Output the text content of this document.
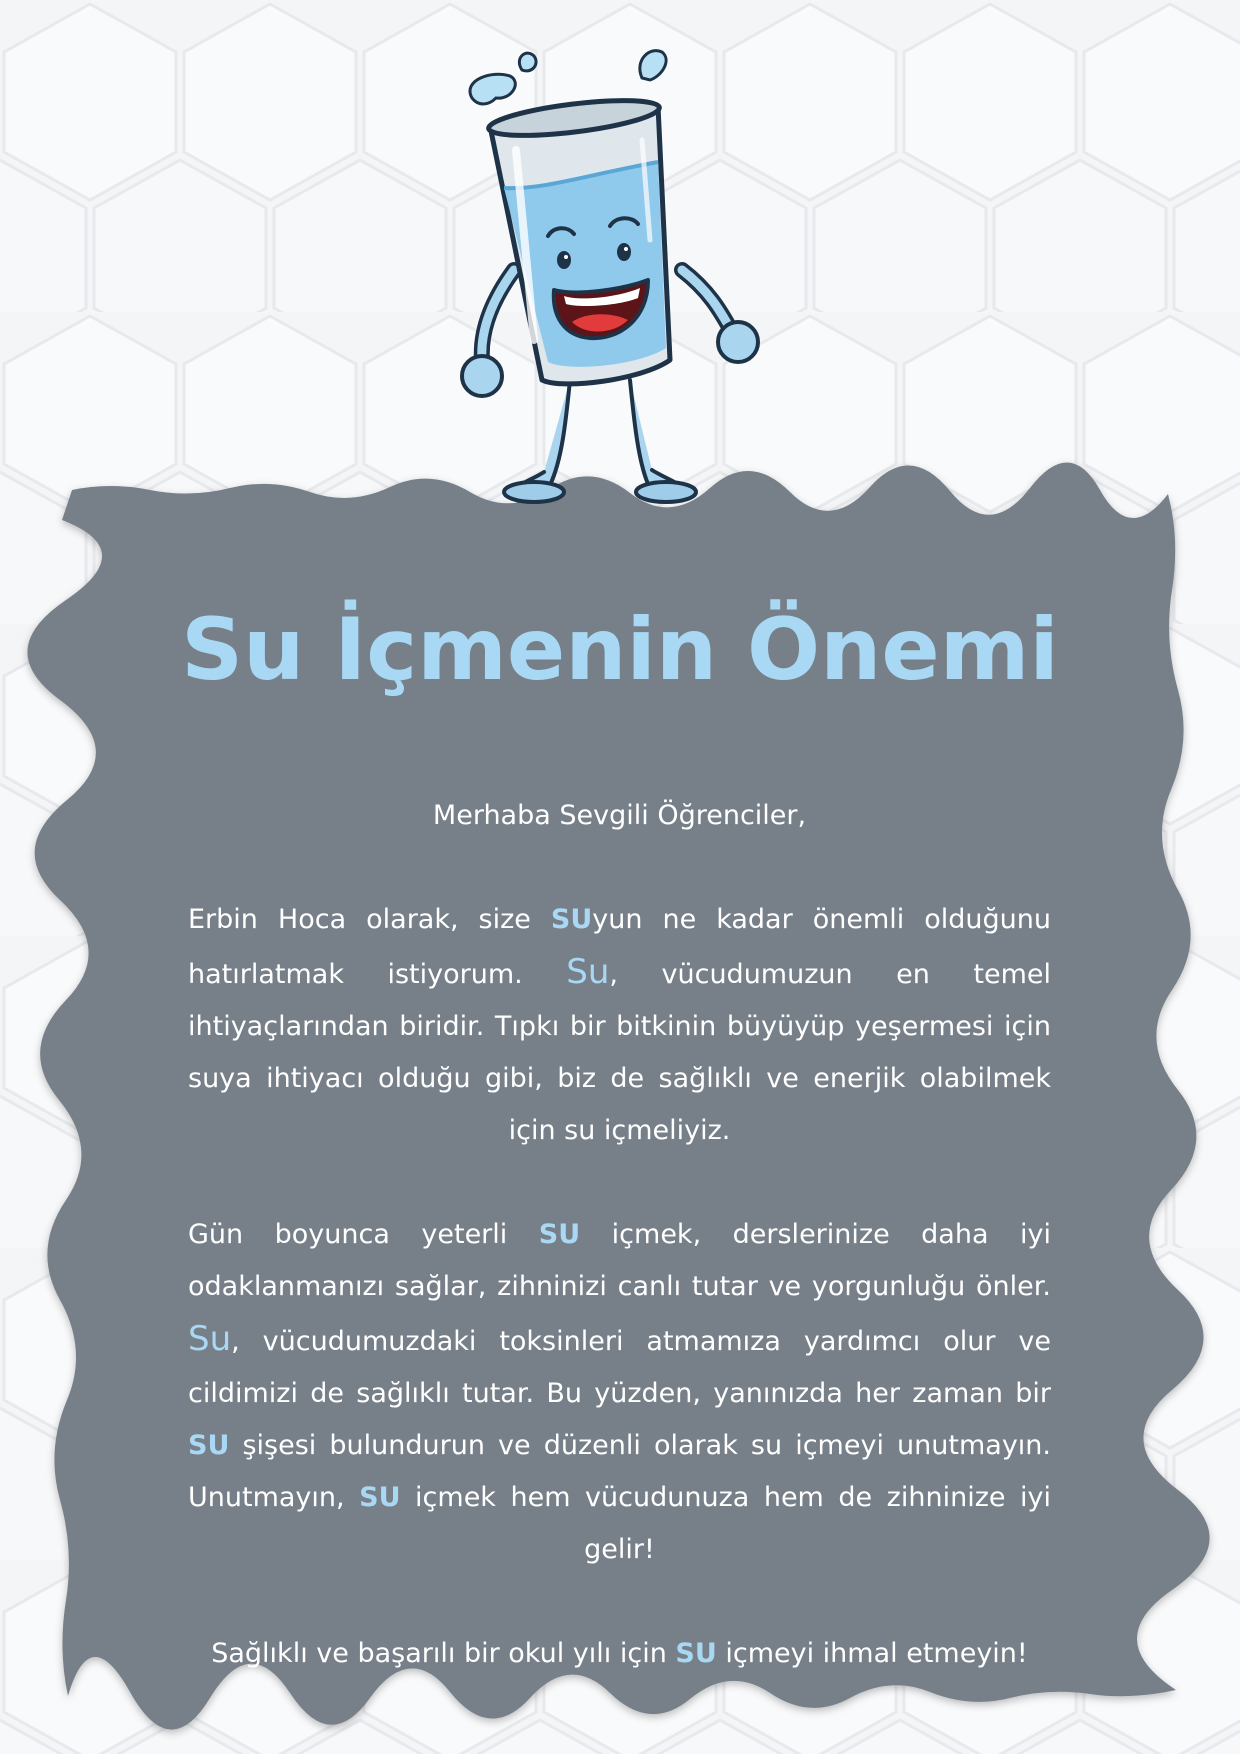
Su İçmenin Önemi

Merhaba Sevgili Öğrenciler,

Erbin Hoca olarak, size SUyun ne kadar önemli olduğunu hatırlatmak istiyorum. Su, vücudumuzun en temel ihtiyaçlarından biridir. Tıpkı bir bitkinin büyüyüp yeşermesi için suya ihtiyacı olduğu gibi, biz de sağlıklı ve enerjik olabilmek için su içmeliyiz.

Gün boyunca yeterli SU içmek, derslerinize daha iyi odaklanmanızı sağlar, zihninizi canlı tutar ve yorgunluğu önler. Su, vücudumuzdaki toksinleri atmamıza yardımcı olur ve cildimizi de sağlıklı tutar. Bu yüzden, yanınızda her zaman bir SU şişesi bulundurun ve düzenli olarak su içmeyi unutmayın. Unutmayın, SU içmek hem vücudunuza hem de zihninize iyi gelir!

Sağlıklı ve başarılı bir okul yılı için SU içmeyi ihmal etmeyin!
